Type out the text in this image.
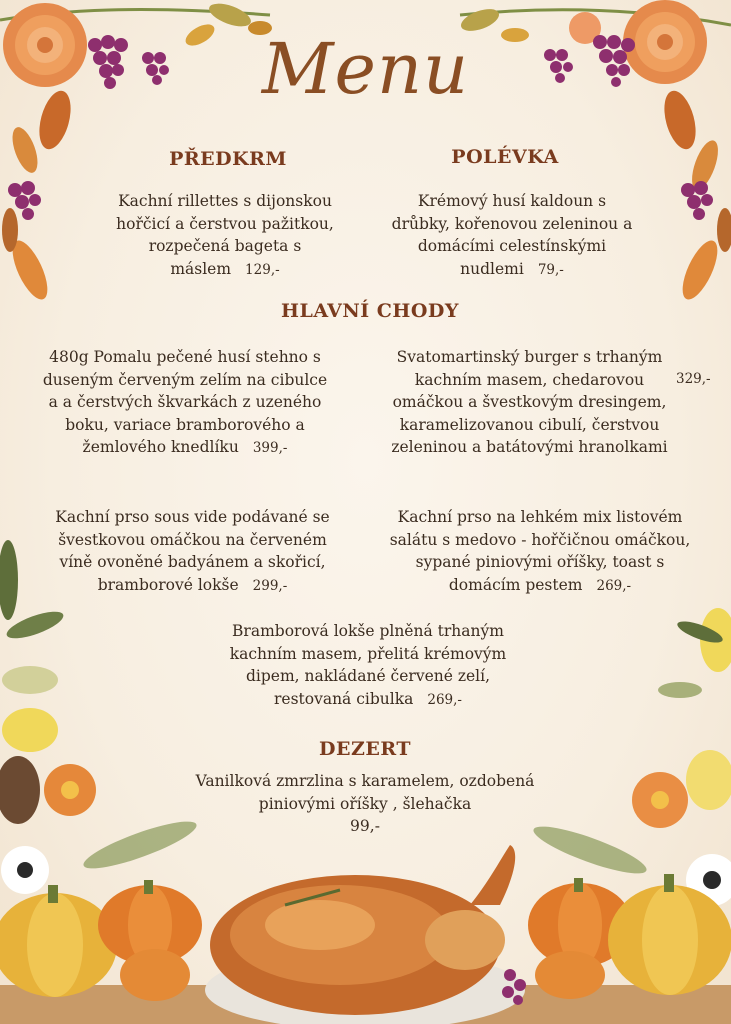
Menu
PŘEDKRM
Kachní rillettes s dijonskou
hořčicí a čerstvou pažitkou,
rozpečená bageta s
máslem 129,-
POLÉVKA
Krémový husí kaldoun s
drůbky, kořenovou zeleninou a
domácími celestínskými
nudlemi 79,-
HLAVNÍ CHODY
480g Pomalu pečené husí stehno s
duseným červeným zelím na cibulce
a a čerstvých škvarkách z uzeného
boku, variace bramborového a
žemlového knedlíku 399,-
Svatomartinský burger s trhaným
kachním masem, chedarovou
omáčkou a švestkovým dresingem,
karamelizovanou cibulí, čerstvou
zeleninou a batátovými hranolkami
329,-
Kachní prso sous vide podávané se
švestkovou omáčkou na červeném
víně ovoněné badyánem a skořicí,
bramborové lokše 299,-
Kachní prso na lehkém mix listovém
salátu s medovo - hořčičnou omáčkou,
sypané piniovými oříšky, toast s
domácím pestem 269,-
Bramborová lokše plněná trhaným
kachním masem, přelitá krémovým
dipem, nakládané červené zelí,
restovaná cibulka 269,-
DEZERT
Vanilková zmrzlina s karamelem, ozdobená
piniovými oříšky , šlehačka
99,-
